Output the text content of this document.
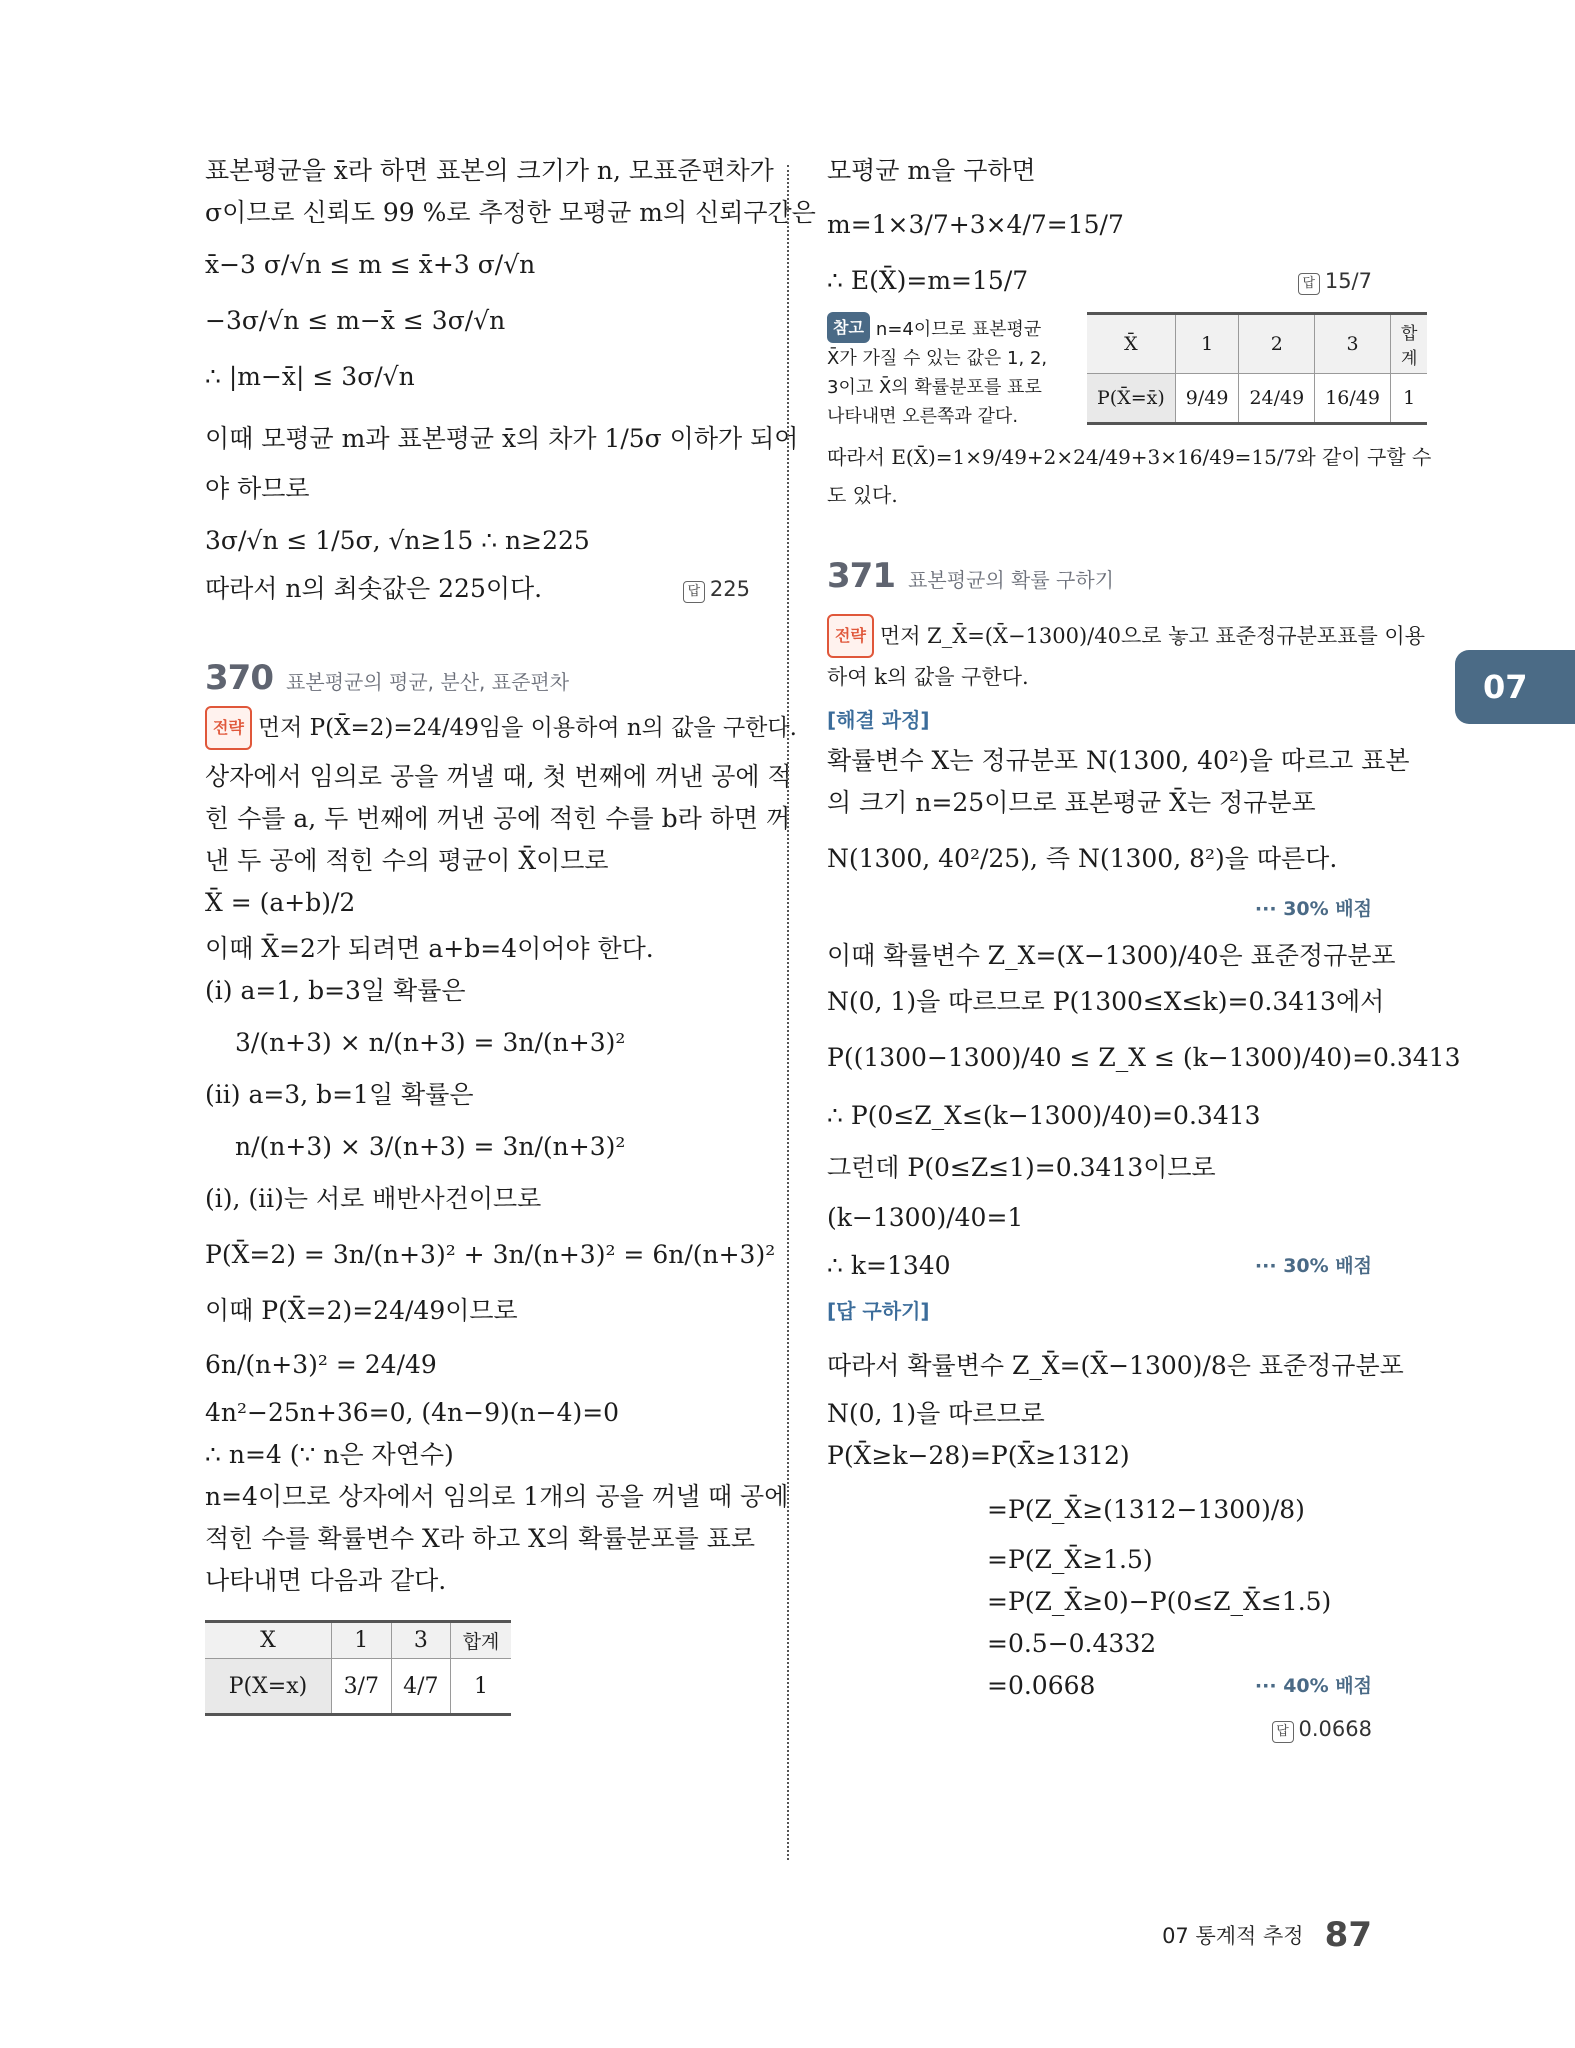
표본평균을 x̄라 하면 표본의 크기가 n, 모표준편차가
σ이므로 신뢰도 99 %로 추정한 모평균 m의 신뢰구간은
x̄−3 σ/√n ≤ m ≤ x̄+3 σ/√n
−3σ/√n ≤ m−x̄ ≤ 3σ/√n
∴ |m−x̄| ≤ 3σ/√n
이때 모평균 m과 표본평균 x̄의 차가 1/5σ 이하가 되어
야 하므로
3σ/√n ≤ 1/5σ, √n≥15 ∴ n≥225
따라서 n의 최솟값은 225이다.	답 225
370 표본평균의 평균, 분산, 표준편차
전략 먼저 P(X̄=2)=24/49임을 이용하여 n의 값을 구한다.
상자에서 임의로 공을 꺼낼 때, 첫 번째에 꺼낸 공에 적
힌 수를 a, 두 번째에 꺼낸 공에 적힌 수를 b라 하면 꺼
낸 두 공에 적힌 수의 평균이 X̄이므로
X̄ = (a+b)/2
이때 X̄=2가 되려면 a+b=4이어야 한다.
(i) a=1, b=3일 확률은
3/(n+3) × n/(n+3) = 3n/(n+3)²
(ii) a=3, b=1일 확률은
n/(n+3) × 3/(n+3) = 3n/(n+3)²
(i), (ii)는 서로 배반사건이므로
P(X̄=2) = 3n/(n+3)² + 3n/(n+3)² = 6n/(n+3)²
이때 P(X̄=2)=24/49이므로
6n/(n+3)² = 24/49
4n²−25n+36=0, (4n−9)(n−4)=0
∴ n=4 (∵ n은 자연수)
n=4이므로 상자에서 임의로 1개의 공을 꺼낼 때 공에
적힌 수를 확률변수 X라 하고 X의 확률분포를 표로
나타내면 다음과 같다.
X	1	3	합계
P(X=x)	3/7	4/7	1
모평균 m을 구하면
m=1×3/7+3×4/7=15/7
∴ E(X̄)=m=15/7	답 15/7
참고 n=4이므로 표본평균
X̄가 가질 수 있는 값은 1, 2,
3이고 X̄의 확률분포를 표로
나타내면 오른쪽과 같다.
X̄	1	2	3	합계
P(X̄=x̄)	9/49	24/49	16/49	1
따라서 E(X̄)=1×9/49+2×24/49+3×16/49=15/7와 같이 구할 수
도 있다.
371 표본평균의 확률 구하기
전략 먼저 Z_X̄=(X̄−1300)/40으로 놓고 표준정규분포표를 이용
하여 k의 값을 구한다.
[해결 과정]
확률변수 X는 정규분포 N(1300, 40²)을 따르고 표본
의 크기 n=25이므로 표본평균 X̄는 정규분포
N(1300, 40²/25), 즉 N(1300, 8²)을 따른다.
··· 30% 배점
이때 확률변수 Z_X=(X−1300)/40은 표준정규분포
N(0, 1)을 따르므로 P(1300≤X≤k)=0.3413에서
P((1300−1300)/40 ≤ Z_X ≤ (k−1300)/40)=0.3413
∴ P(0≤Z_X≤(k−1300)/40)=0.3413
그런데 P(0≤Z≤1)=0.3413이므로
(k−1300)/40=1
∴ k=1340	··· 30% 배점
[답 구하기]
따라서 확률변수 Z_X̄=(X̄−1300)/8은 표준정규분포
N(0, 1)을 따르므로
P(X̄≥k−28)=P(X̄≥1312)
=P(Z_X̄≥(1312−1300)/8)
=P(Z_X̄≥1.5)
=P(Z_X̄≥0)−P(0≤Z_X̄≤1.5)
=0.5−0.4332
=0.0668	··· 40% 배점
답 0.0668
07
07 통계적 추정 87
